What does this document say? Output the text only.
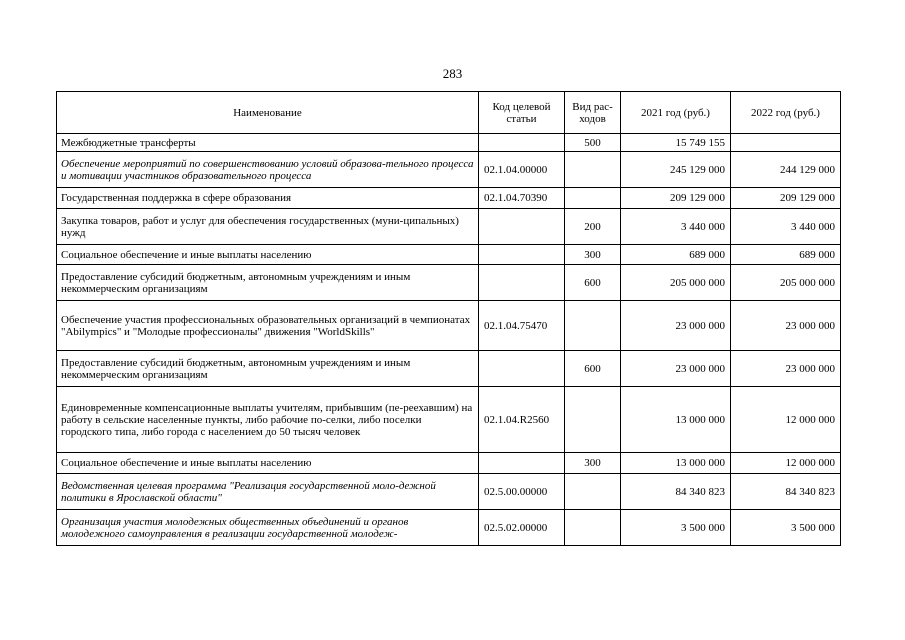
283
Наименование	Код целевой статьи	Вид рас-ходов	2021 год (руб.)	2022 год (руб.)
Межбюджетные трансферты		500	15 749 155	
Обеспечение мероприятий по совершенствованию условий образова-тельного процесса и мотивации участников образовательного процесса	02.1.04.00000		245 129 000	244 129 000
Государственная поддержка в сфере образования	02.1.04.70390		209 129 000	209 129 000
Закупка товаров, работ и услуг для обеспечения государственных (муни-ципальных) нужд		200	3 440 000	3 440 000
Социальное обеспечение и иные выплаты населению		300	689 000	689 000
Предоставление субсидий бюджетным, автономным учреждениям и иным некоммерческим организациям		600	205 000 000	205 000 000
Обеспечение участия профессиональных образовательных организаций в чемпионатах "Abilympics" и "Молодые профессионалы" движения "WorldSkills"	02.1.04.75470		23 000 000	23 000 000
Предоставление субсидий бюджетным, автономным учреждениям и иным некоммерческим организациям		600	23 000 000	23 000 000
Единовременные компенсационные выплаты учителям, прибывшим (пе-реехавшим) на работу в сельские населенные пункты, либо рабочие по-селки, либо поселки городского типа, либо города с населением до 50 тысяч человек	02.1.04.R2560		13 000 000	12 000 000
Социальное обеспечение и иные выплаты населению		300	13 000 000	12 000 000
Ведомственная целевая программа "Реализация государственной моло-дежной политики в Ярославской области"	02.5.00.00000		84 340 823	84 340 823
Организация участия молодежных общественных объединений и органов молодежного самоуправления в реализации государственной молодеж-	02.5.02.00000		3 500 000	3 500 000
